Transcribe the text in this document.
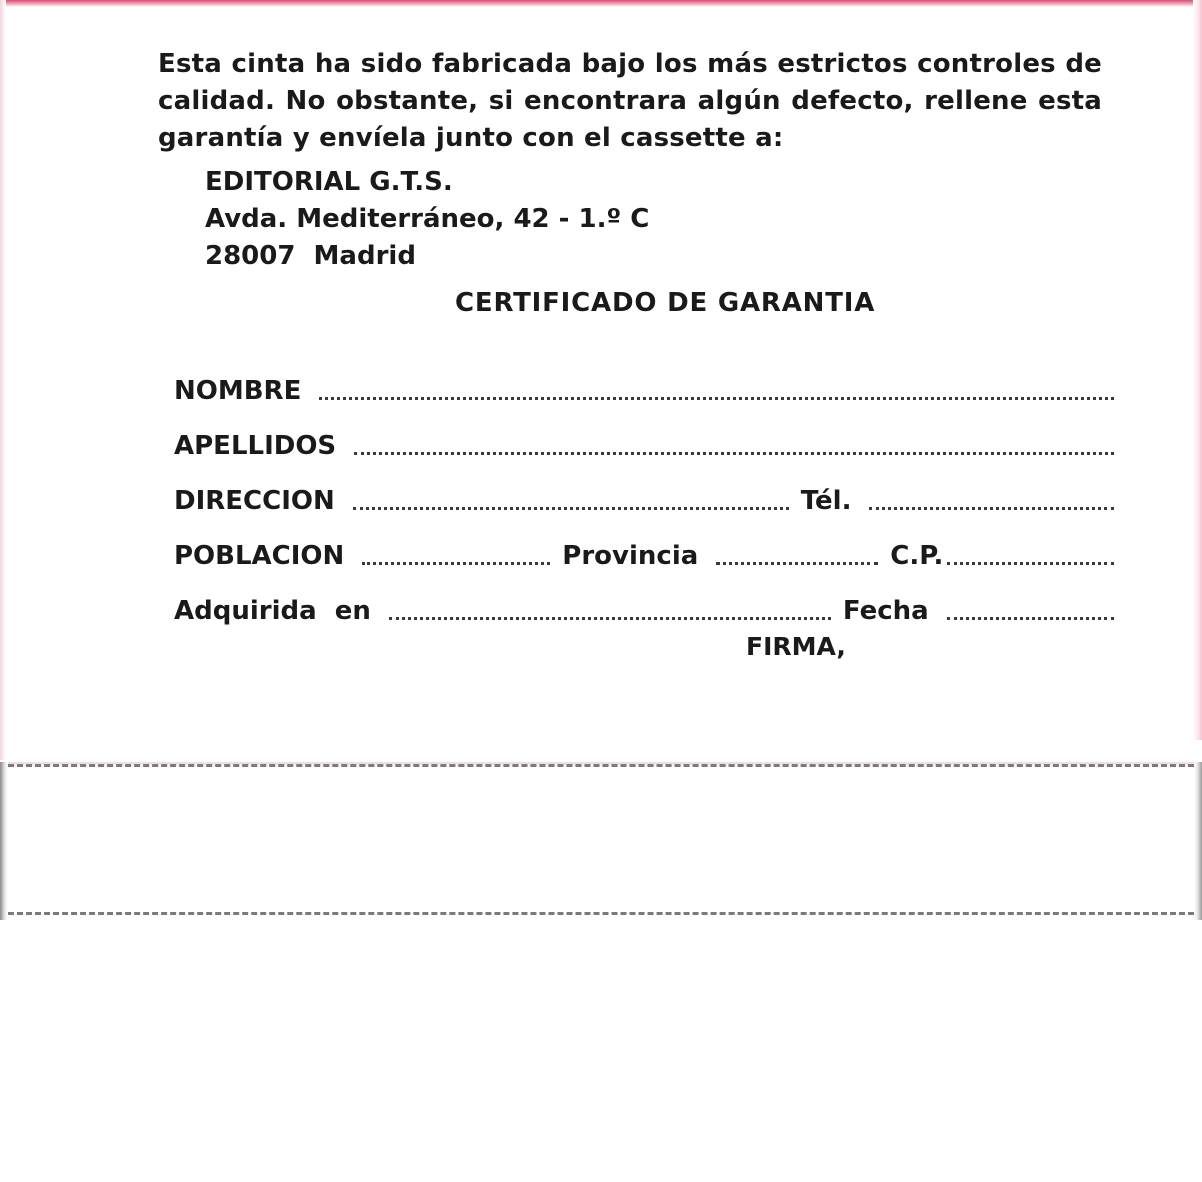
Esta cinta ha sido fabricada bajo los más estrictos controles de calidad. No obstante, si encontrara algún defecto, rellene esta garantía y envíela junto con el cassette a:

EDITORIAL G.T.S.
Avda. Mediterráneo, 42 - 1.º C
28007  Madrid
CERTIFICADO DE GARANTIA
NOMBRE
APELLIDOS
DIRECCION	Tél.
POBLACION	Provincia	C.P.
Adquirida  en	Fecha
FIRMA,
